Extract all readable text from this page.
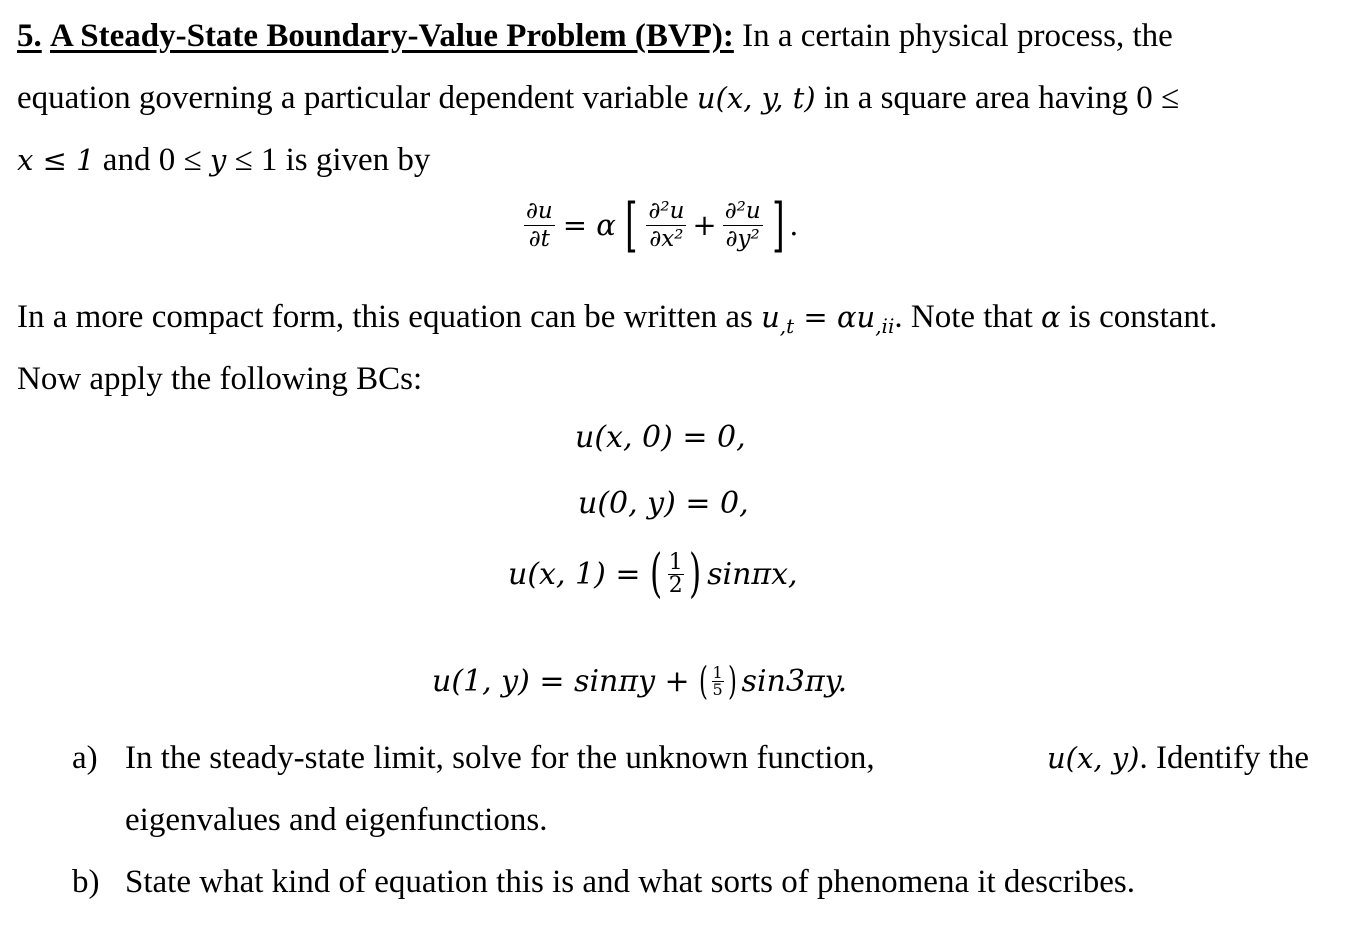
5. A Steady-State Boundary-Value Problem (BVP): In a certain physical process, the
equation governing a particular dependent variable u(x, y, t) in a square area having 0 ≤
x ≤ 1 and 0 ≤ y ≤ 1 is given by
$\frac{\partial u}{\partial t} = \alpha$ [ $\frac{\text{∂²u}}{\text{∂x²}} + \frac{\text{∂²u}}{\text{∂y²}}$ ] .
In a more compact form, this equation can be written as $u_{,t} = \alpha u_{,ii}$. Note that α is constant.
Now apply the following BCs:
u(x, 0) = 0,
u(0, y) = 0,
u(x, 1) = ( $\frac{1}{2}$ ) sinπx,
u(1, y) = sinπy + ( $\frac{1}{5}$ ) sin3πy.
a) In the steady-state limit, solve for the unknown function,	u(x, y). Identify the
eigenvalues and eigenfunctions.
b) State what kind of equation this is and what sorts of phenomena it describes.
